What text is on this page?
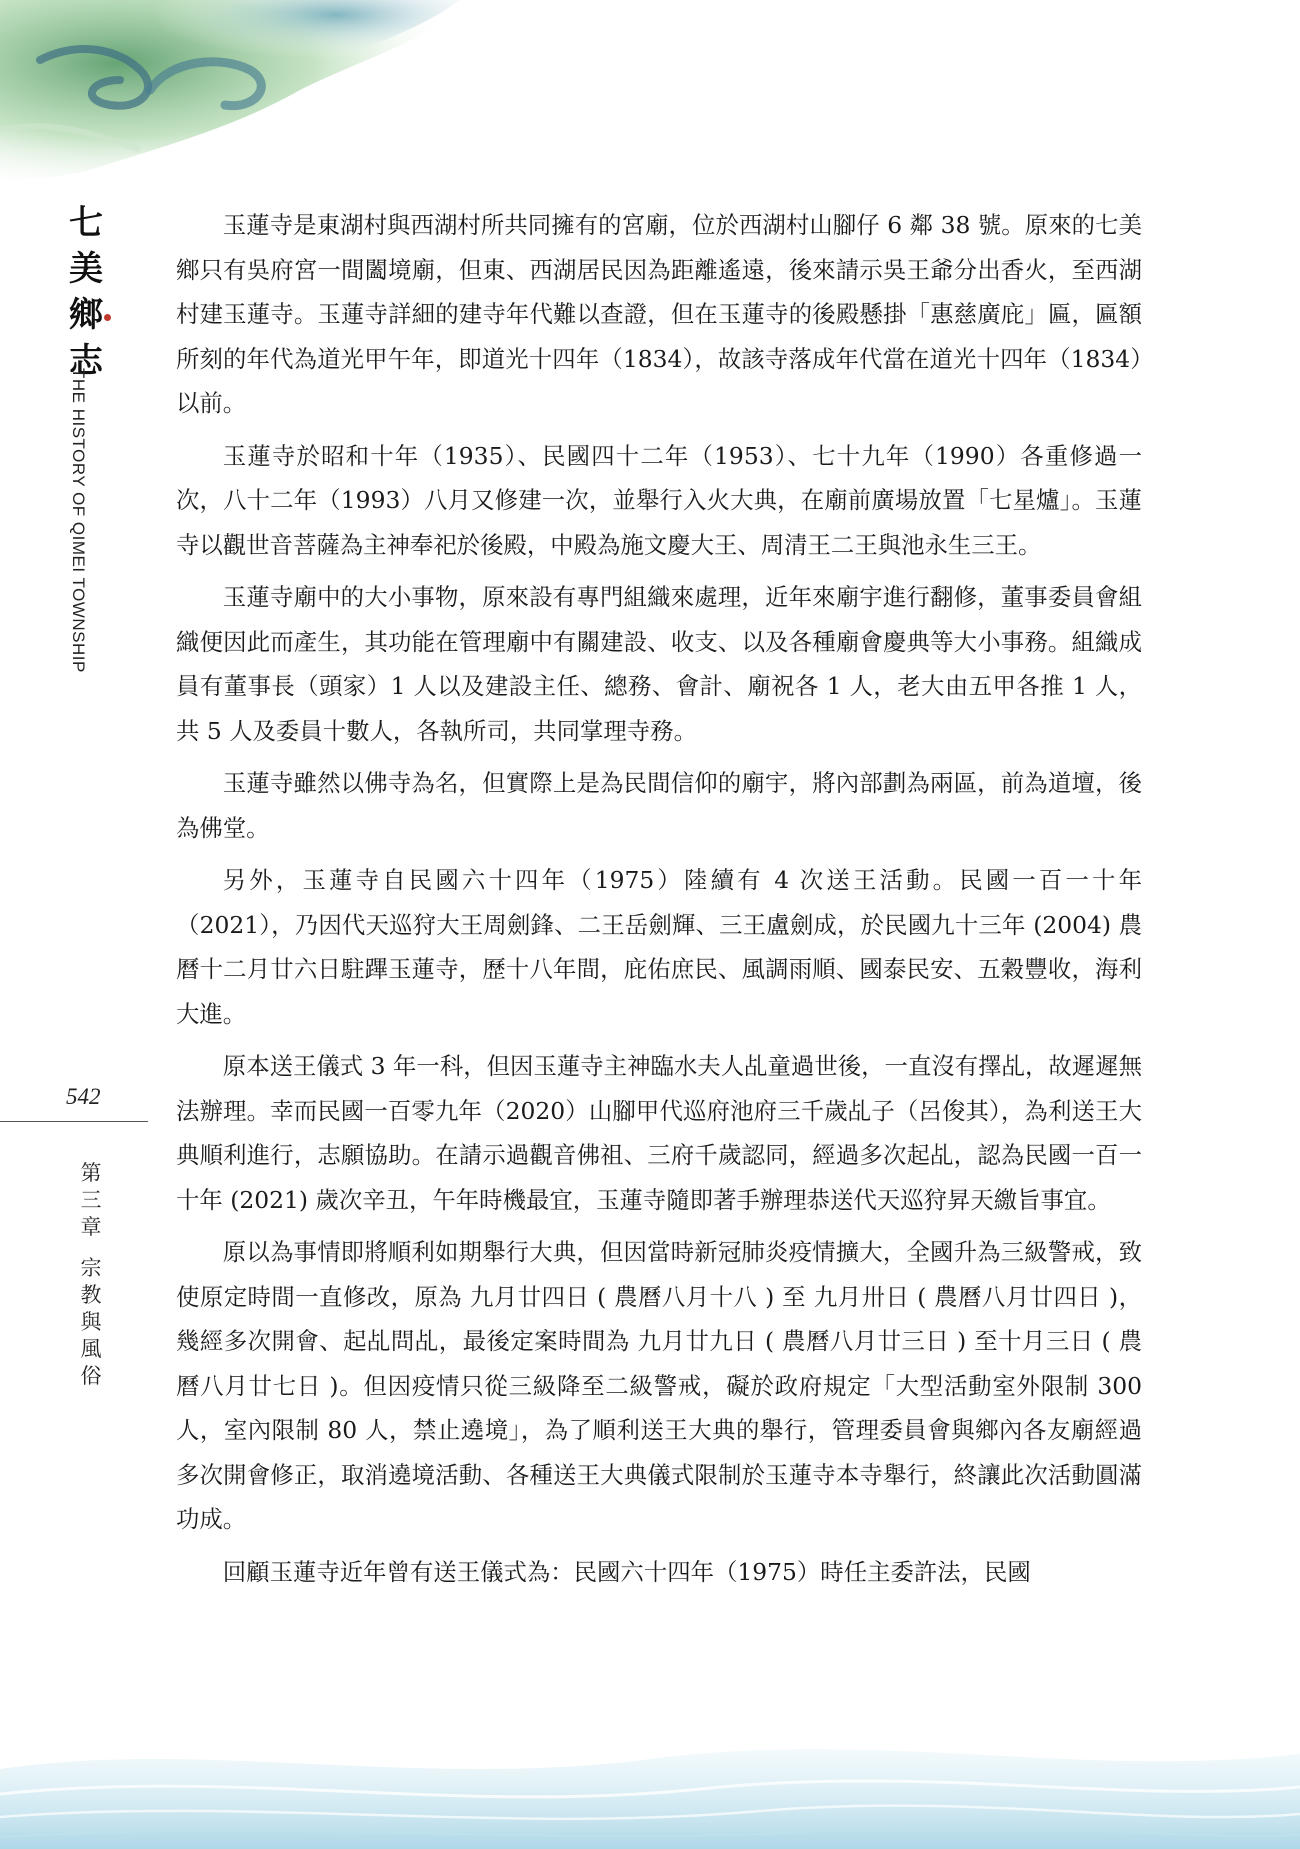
七
美
鄉
志
THE HISTORY OF QIMEI TOWNSHIP
542
第
三
章
宗
教
與
風
俗

玉蓮寺是東湖村與西湖村所共同擁有的宮廟，位於西湖村山腳仔 6 鄰 38 號。原來的七美鄉只有吳府宮一間闔境廟，但東、西湖居民因為距離遙遠，後來請示吳王爺分出香火，至西湖村建玉蓮寺。玉蓮寺詳細的建寺年代難以查證，但在玉蓮寺的後殿懸掛「惠慈廣庇」匾，匾額所刻的年代為道光甲午年，即道光十四年（1834），故該寺落成年代當在道光十四年（1834）以前。

玉蓮寺於昭和十年（1935）、民國四十二年（1953）、七十九年（1990）各重修過一次，八十二年（1993）八月又修建一次，並舉行入火大典，在廟前廣場放置「七星爐」。玉蓮寺以觀世音菩薩為主神奉祀於後殿，中殿為施文慶大王、周清王二王與池永生三王。

玉蓮寺廟中的大小事物，原來設有專門組織來處理，近年來廟宇進行翻修，董事委員會組織便因此而產生，其功能在管理廟中有關建設、收支、以及各種廟會慶典等大小事務。組織成員有董事長（頭家）1 人以及建設主任、總務、會計、廟祝各 1 人，老大由五甲各推 1 人，共 5 人及委員十數人，各執所司，共同掌理寺務。

玉蓮寺雖然以佛寺為名，但實際上是為民間信仰的廟宇，將內部劃為兩區，前為道壇，後為佛堂。

另外，玉蓮寺自民國六十四年（1975）陸續有 4 次送王活動。民國一百一十年（2021），乃因代天巡狩大王周劍鋒、二王岳劍輝、三王盧劍成，於民國九十三年 (2004) 農曆十二月廿六日駐蹕玉蓮寺，歷十八年間，庇佑庶民、風調雨順、國泰民安、五穀豐收，海利大進。

原本送王儀式 3 年一科，但因玉蓮寺主神臨水夫人乩童過世後，一直沒有擇乩，故遲遲無法辦理。幸而民國一百零九年（2020）山腳甲代巡府池府三千歲乩子（呂俊其），為利送王大典順利進行，志願協助。在請示過觀音佛祖、三府千歲認同，經過多次起乩，認為民國一百一十年 (2021) 歲次辛丑，午年時機最宜，玉蓮寺隨即著手辦理恭送代天巡狩昇天繳旨事宜。

原以為事情即將順利如期舉行大典，但因當時新冠肺炎疫情擴大，全國升為三級警戒，致使原定時間一直修改，原為 九月廿四日 ( 農曆八月十八 ) 至 九月卅日 ( 農曆八月廿四日 )，幾經多次開會、起乩問乩，最後定案時間為 九月廿九日 ( 農曆八月廿三日 ) 至十月三日 ( 農曆八月廿七日 )。但因疫情只從三級降至二級警戒，礙於政府規定「大型活動室外限制 300 人，室內限制 80 人，禁止遶境」，為了順利送王大典的舉行，管理委員會與鄉內各友廟經過多次開會修正，取消遶境活動、各種送王大典儀式限制於玉蓮寺本寺舉行，終讓此次活動圓滿功成。

回顧玉蓮寺近年曾有送王儀式為：民國六十四年（1975）時任主委許法，民國
